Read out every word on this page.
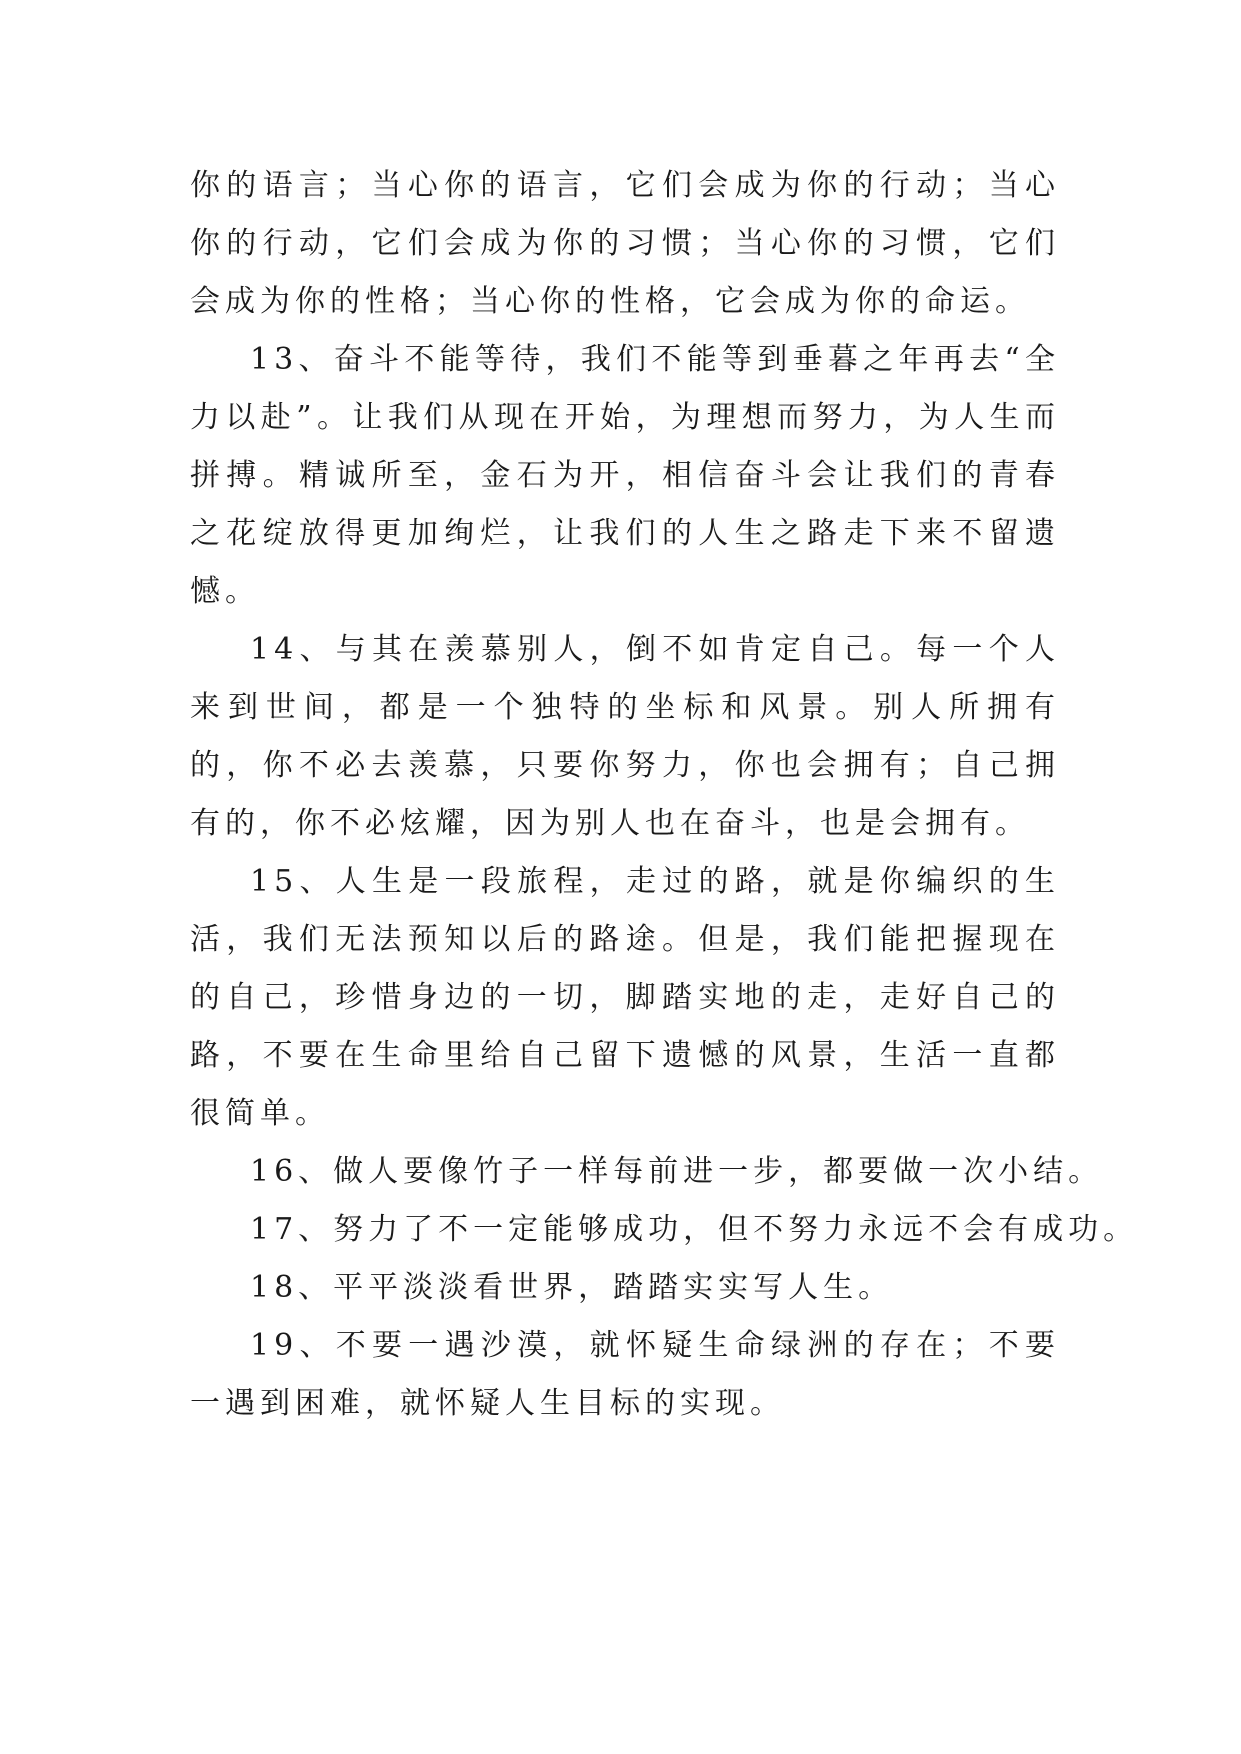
你的语言；当心你的语言，它们会成为你的行动；当心你的行动，它们会成为你的习惯；当心你的习惯，它们会成为你的性格；当心你的性格，它会成为你的命运。

13、奋斗不能等待，我们不能等到垂暮之年再去“全力以赴”。让我们从现在开始，为理想而努力，为人生而拼搏。精诚所至，金石为开，相信奋斗会让我们的青春之花绽放得更加绚烂，让我们的人生之路走下来不留遗憾。

14、与其在羡慕别人，倒不如肯定自己。每一个人来到世间，都是一个独特的坐标和风景。别人所拥有的，你不必去羡慕，只要你努力，你也会拥有；自己拥有的，你不必炫耀，因为别人也在奋斗，也是会拥有。

15、人生是一段旅程，走过的路，就是你编织的生活，我们无法预知以后的路途。但是，我们能把握现在的自己，珍惜身边的一切，脚踏实地的走，走好自己的路，不要在生命里给自己留下遗憾的风景，生活一直都很简单。

16、做人要像竹子一样每前进一步，都要做一次小结。

17、努力了不一定能够成功，但不努力永远不会有成功。

18、平平淡淡看世界，踏踏实实写人生。

19、不要一遇沙漠，就怀疑生命绿洲的存在；不要一遇到困难，就怀疑人生目标的实现。
